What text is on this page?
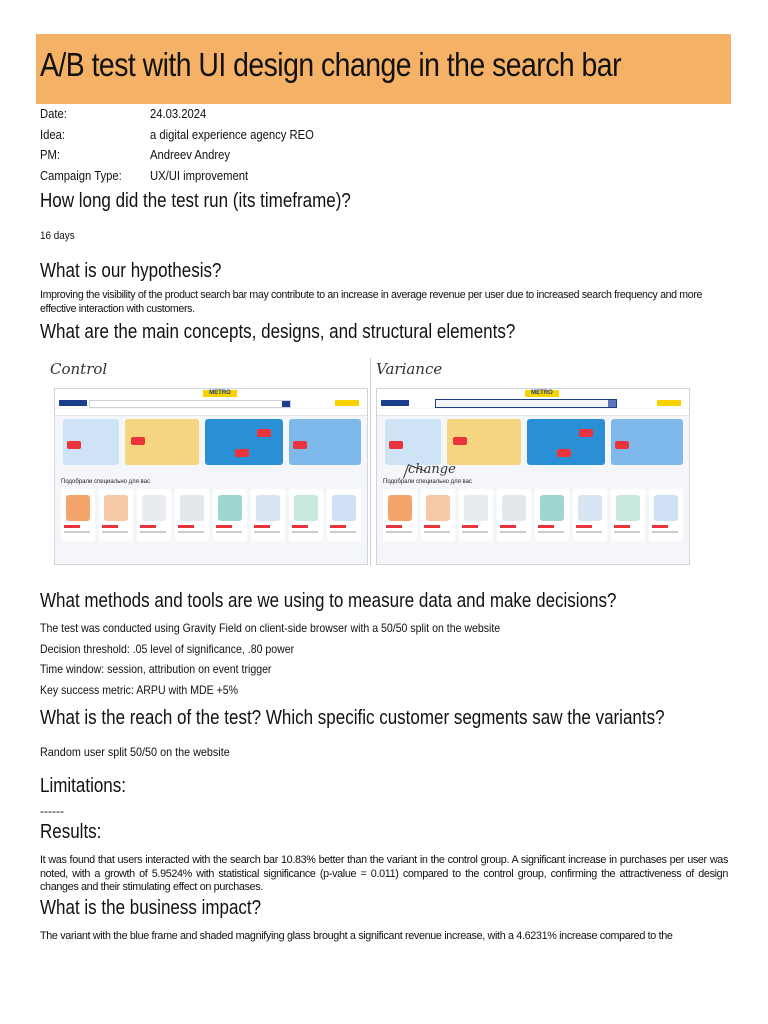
A/B test with UI design change in the search bar
Date:	24.03.2024
Idea:	a digital experience agency REO
PM:	Andreev Andrey
Campaign Type:	UX/UI improvement
How long did the test run (its timeframe)?
16 days
What is our hypothesis?
Improving the visibility of the product search bar may contribute to an increase in average revenue per user due to increased search frequency and more effective interaction with customers.
What are the main concepts, designs, and structural elements?
Control	Variance
METRO
Подобрали специально для вас
METRO
Подобрали специально для вас
change
What methods and tools are we using to measure data and make decisions?
The test was conducted using Gravity Field on client-side browser with a 50/50 split on the website
Decision threshold: .05 level of significance, .80 power
Time window: session, attribution on event trigger
Key success metric: ARPU with MDE +5%
What is the reach of the test? Which specific customer segments saw the variants?
Random user split 50/50 on the website
Limitations:
------
Results:
It was found that users interacted with the search bar 10.83% better than the variant in the control group. A significant increase in purchases per user was noted, with a growth of 5.9524% with statistical significance (p-value = 0.011) compared to the control group, confirming the attractiveness of design changes and their stimulating effect on purchases.
What is the business impact?
The variant with the blue frame and shaded magnifying glass brought a significant revenue increase, with a 4.6231% increase compared to the
